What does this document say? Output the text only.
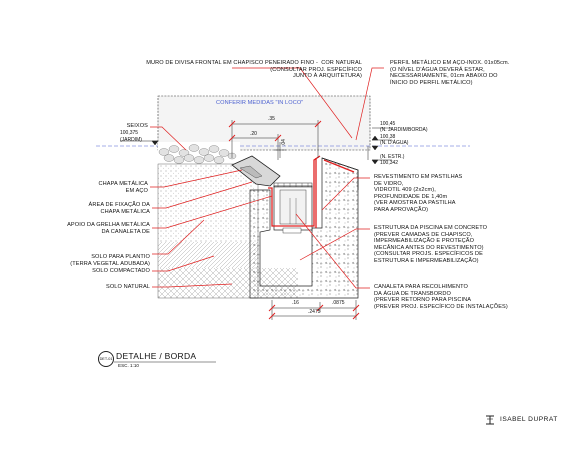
MURO DE DIVISA FRONTAL EM CHAPISCO PENEIRADO FINO -  COR NATURAL
(CONSULTAR PROJ. ESPECÍFICO
JUNTO À ARQUITETURA)
CONFERIR MEDIDAS "IN LOCO"
PERFIL METÁLICO EM AÇO-INOX. 01x05cm.
(O NÍVEL D'ÁGUA DEVERÁ ESTAR,
NECESSARIAMENTE, 01cm ABAIXO DO
ÍNICIO DO PERFIL METÁLICO)
SEIXOS
100,375
(JARDIM)
CHAPA METÁLICA
EM AÇO
ÁREA DE FIXAÇÃO DA
CHAPA METÁLICA
APOIO DA GRELHA METÁLICA
DA CANALETA DE
SOLO PARA PLANTIO
(TERRA VEGETAL ADUBADA)
SOLO COMPACTADO
SOLO NATURAL
100,45
(N. JARDIM/BORDA)
100,38
(N. D'ÁGUA)
(N. ESTR.)
100,342
REVESTIMENTO EM PASTILHAS
DE VIDRO,
VIDROTIL 409 (2x2cm),
PROFUNDIDADE DE 1,40m
(VER AMOSTRA DA PASTILHA
PARA APROVAÇÃO)
ESTRUTURA DA PISCINA EM CONCRETO
(PREVER CAMADAS DE CHAPISCO,
IMPERMEABILIZAÇÃO E PROTEÇÃO
MECÂNICA ANTES DO REVESTIMENTO)
(CONSULTAR PROJS. ESPECÍFICOS DE
ESTRUTURA E IMPERMEABILIZAÇÃO)
CANALETA PARA RECOLHIMENTO
DA ÁGUA DE TRANSBORDO
(PREVER RETORNO PARA PISCINA
(PREVER PROJ. ESPECÍFICO DE INSTALAÇÕES)
.35
.20
.04
.16	.0875
.2475
DET-01 DETALHE / BORDA
ESC. 1:10
ISABEL DUPRAT
